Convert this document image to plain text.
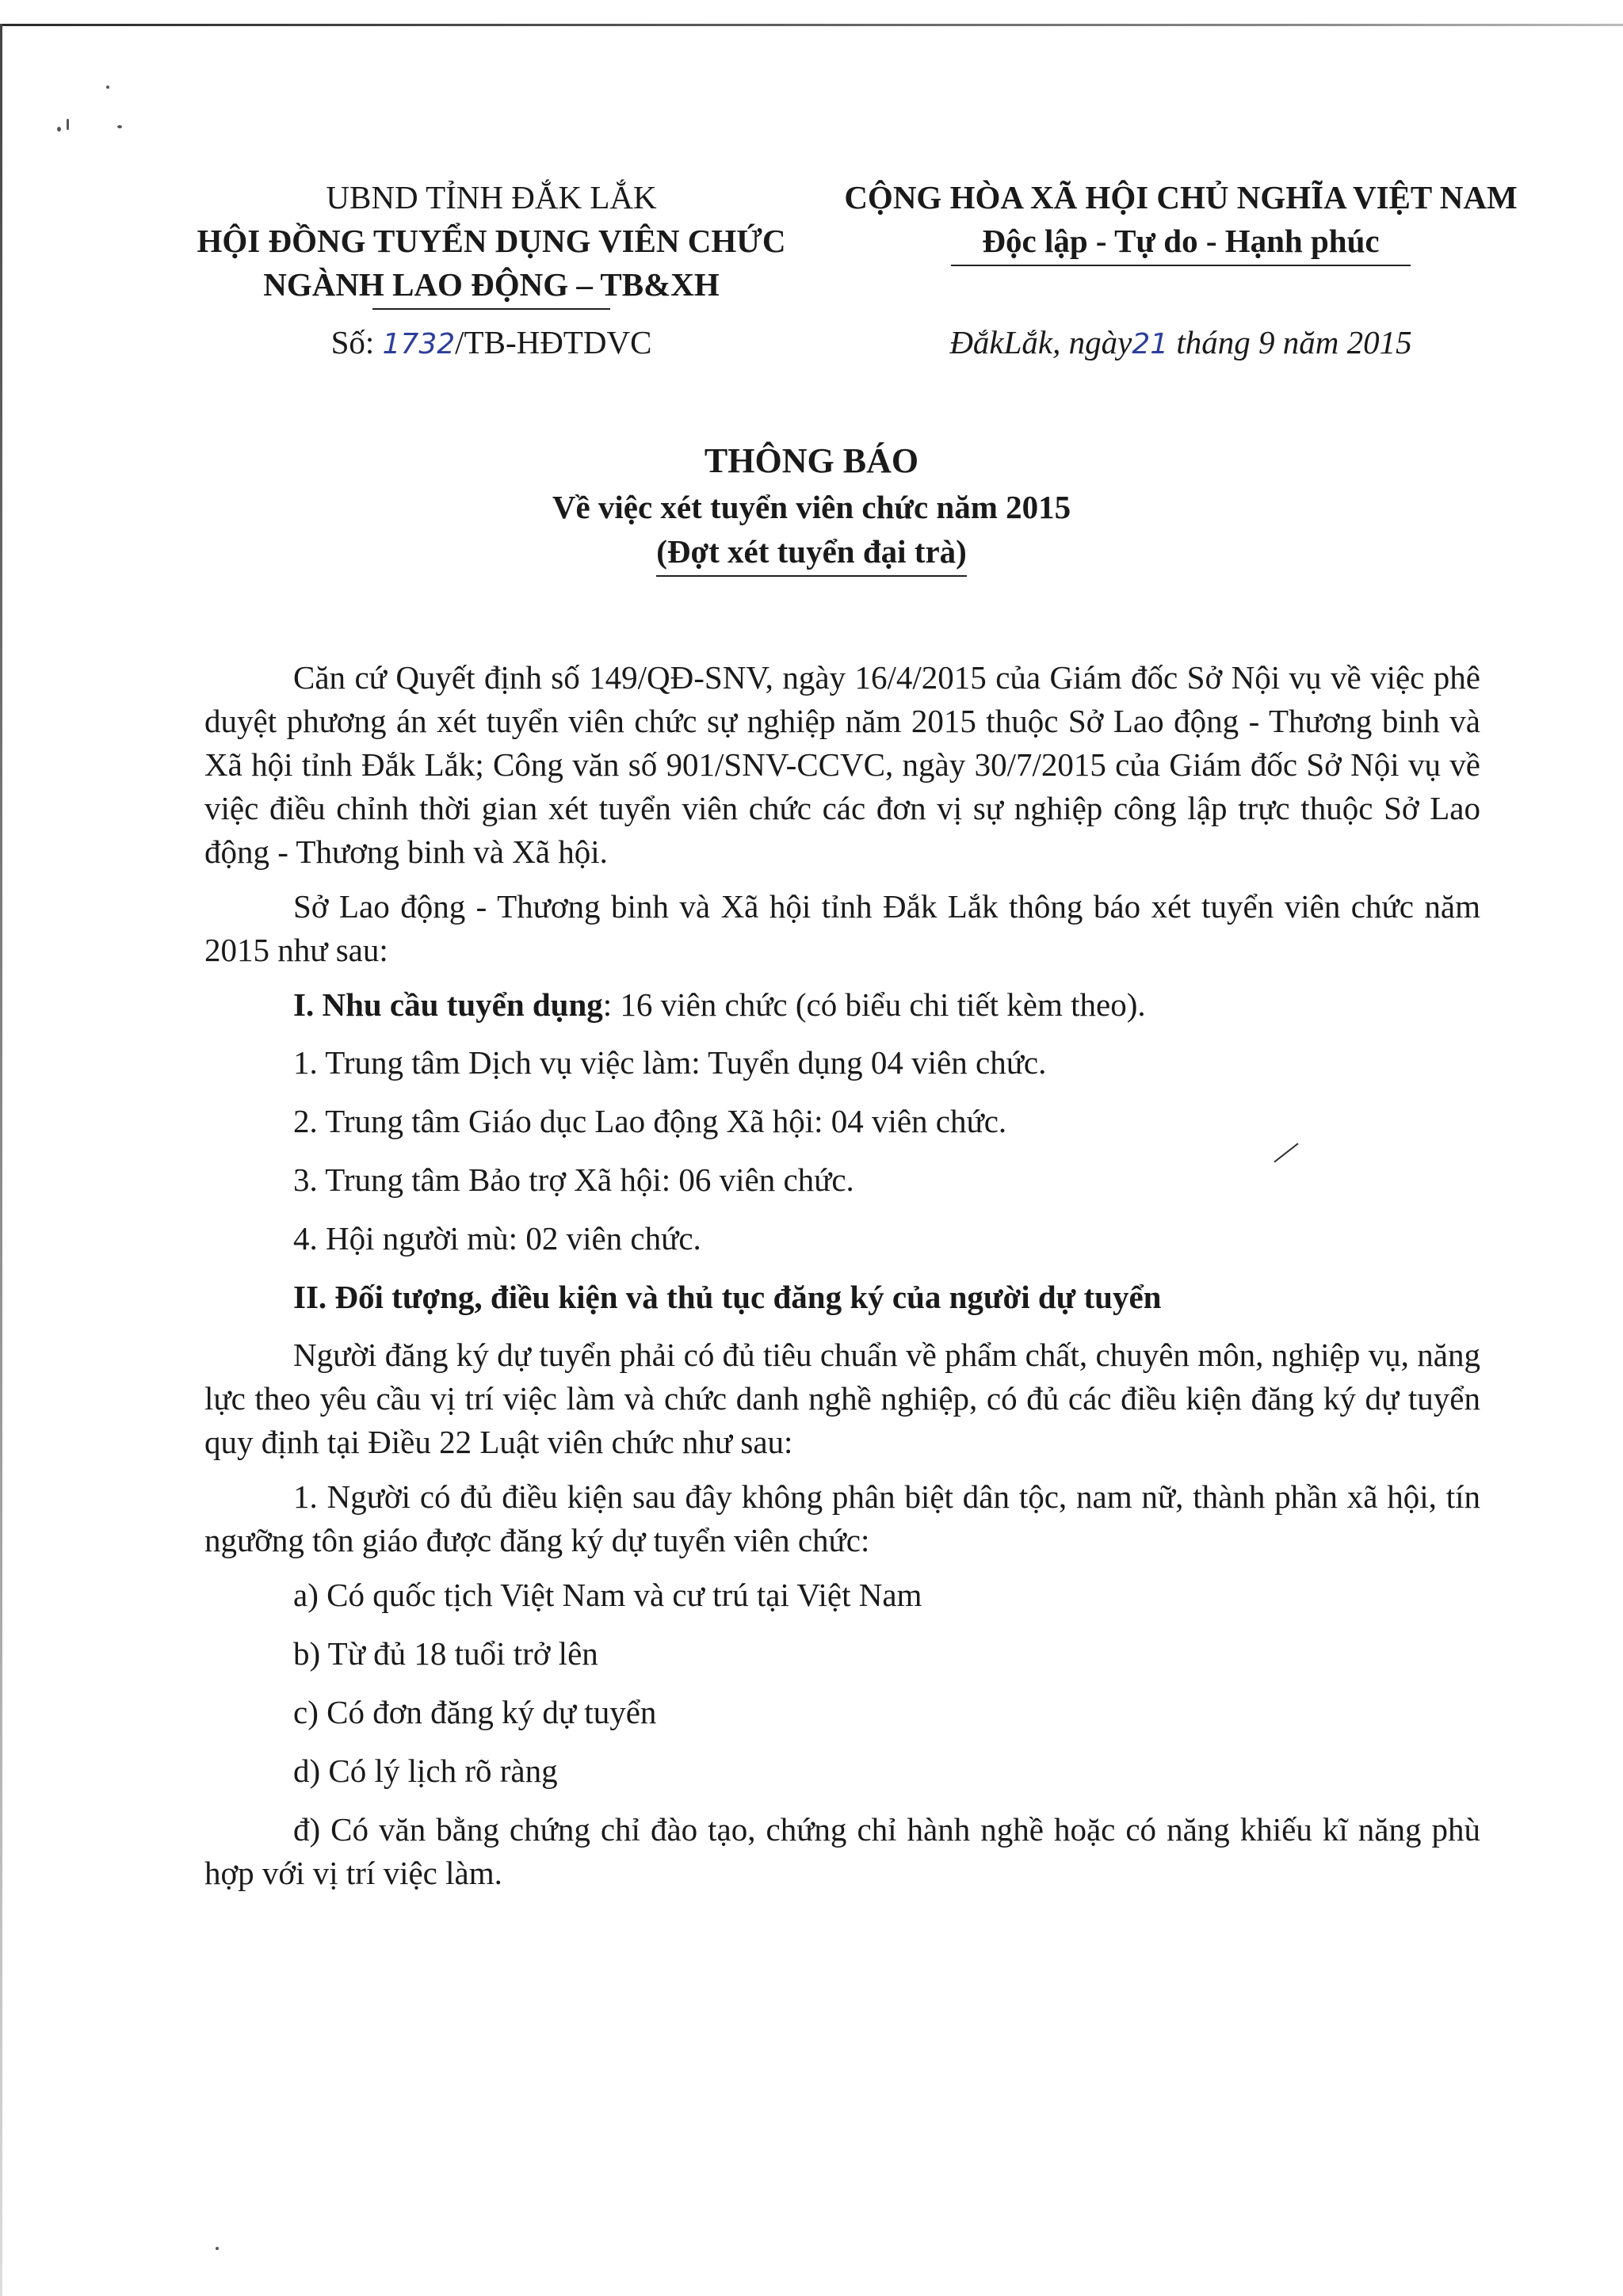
UBND TỈNH ĐẮK LẮK
HỘI ĐỒNG TUYỂN DỤNG VIÊN CHỨC
NGÀNH LAO ĐỘNG – TB&XH
CỘNG HÒA XÃ HỘI CHỦ NGHĨA VIỆT NAM
Độc lập - Tự do - Hạnh phúc
Số: 1732/TB-HĐTDVC	ĐắkLắk, ngày21 tháng 9 năm 2015
THÔNG BÁO
Về việc xét tuyển viên chức năm 2015
(Đợt xét tuyển đại trà)

Căn cứ Quyết định số 149/QĐ-SNV, ngày 16/4/2015 của Giám đốc Sở Nội vụ về việc phê duyệt phương án xét tuyển viên chức sự nghiệp năm 2015 thuộc Sở Lao động - Thương binh và Xã hội tỉnh Đắk Lắk; Công văn số 901/SNV-CCVC, ngày 30/7/2015 của Giám đốc Sở Nội vụ về việc điều chỉnh thời gian xét tuyển viên chức các đơn vị sự nghiệp công lập trực thuộc Sở Lao động - Thương binh và Xã hội.

Sở Lao động - Thương binh và Xã hội tỉnh Đắk Lắk thông báo xét tuyển viên chức năm 2015 như sau:

I. Nhu cầu tuyển dụng: 16 viên chức (có biểu chi tiết kèm theo).

1. Trung tâm Dịch vụ việc làm: Tuyển dụng 04 viên chức.

2. Trung tâm Giáo dục Lao động Xã hội: 04 viên chức.

3. Trung tâm Bảo trợ Xã hội: 06 viên chức.

4. Hội người mù: 02 viên chức.

II. Đối tượng, điều kiện và thủ tục đăng ký của người dự tuyển

Người đăng ký dự tuyển phải có đủ tiêu chuẩn về phẩm chất, chuyên môn, nghiệp vụ, năng lực theo yêu cầu vị trí việc làm và chức danh nghề nghiệp, có đủ các điều kiện đăng ký dự tuyển quy định tại Điều 22 Luật viên chức như sau:

1. Người có đủ điều kiện sau đây không phân biệt dân tộc, nam nữ, thành phần xã hội, tín ngưỡng tôn giáo được đăng ký dự tuyển viên chức:

a) Có quốc tịch Việt Nam và cư trú tại Việt Nam

b) Từ đủ 18 tuổi trở lên

c) Có đơn đăng ký dự tuyển

d) Có lý lịch rõ ràng

đ) Có văn bằng chứng chỉ đào tạo, chứng chỉ hành nghề hoặc có năng khiếu kĩ năng phù hợp với vị trí việc làm.
